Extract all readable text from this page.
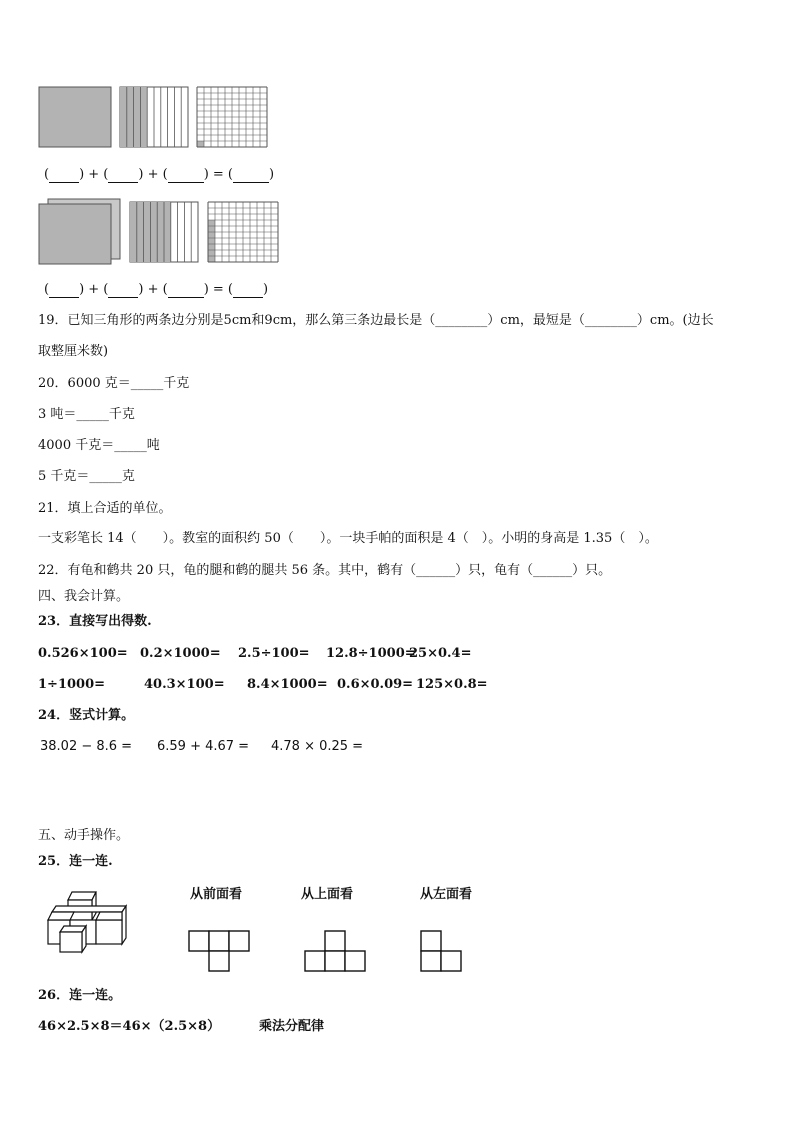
( ) + ( ) + (	) = (	)
( ) + ( ) + (	) = ( )
19．已知三角形的两条边分别是5cm和9cm，那么第三条边最长是（________）cm，最短是（________）cm。(边长
取整厘米数)
20．6000 克＝_____千克
3 吨＝_____千克
4000 千克＝_____吨
5 千克＝_____克
21．填上合适的单位。
一支彩笔长 14（　　）。教室的面积约 50（　　）。一块手帕的面积是 4（　）。小明的身高是 1.35（　）。
22．有龟和鹤共 20 只，龟的腿和鹤的腿共 56 条。其中，鹤有（______）只，龟有（______）只。
四、我会计算。
23．直接写出得数.
0.526×100= 0.2×1000= 2.5÷100= 12.8÷1000=
25×0.4=
1÷1000=	40.3×100= 8.4×1000= 0.6×0.09= 125×0.8=
24．竖式计算。
38.02 − 8.6 = 6.59 + 4.67 = 4.78 × 0.25 =
五、动手操作。
25．连一连.
从前面看	从上面看	从左面看
26．连一连。
46×2.5×8＝46×（2.5×8）	乘法分配律
